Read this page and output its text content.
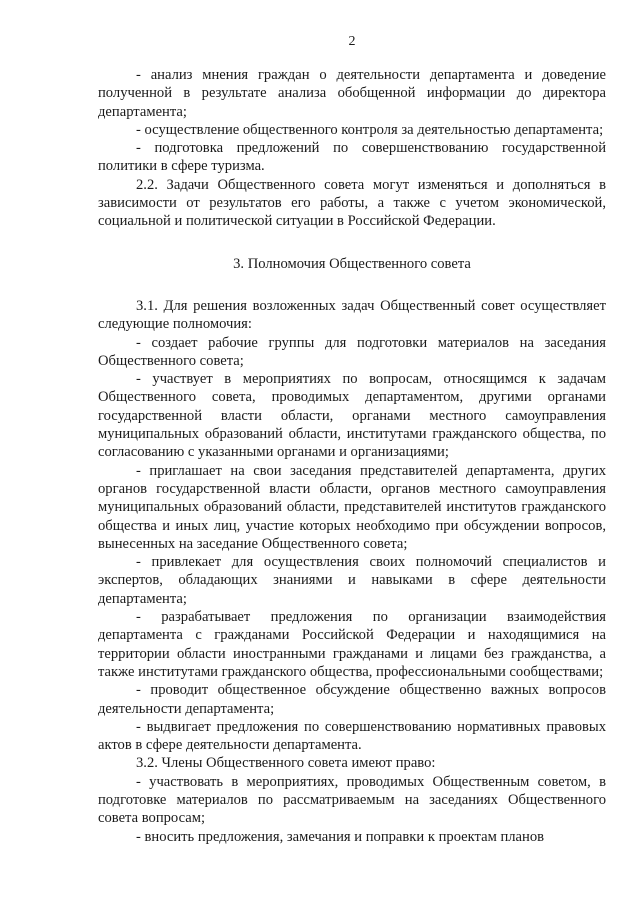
2

- анализ мнения граждан о деятельности департамента и доведение полученной в результате анализа обобщенной информации до директора департамента;

- осуществление общественного контроля за деятельностью департамента;

- подготовка предложений по совершенствованию государственной политики в сфере туризма.

2.2. Задачи Общественного совета могут изменяться и дополняться в зависимости от результатов его работы, а также с учетом экономической, социальной и политической ситуации в Российской Федерации.

3. Полномочия Общественного совета

3.1. Для решения возложенных задач Общественный совет осуществляет следующие полномочия:

- создает рабочие группы для подготовки материалов на заседания Общественного совета;

- участвует в мероприятиях по вопросам, относящимся к задачам Общественного совета, проводимых департаментом, другими органами государственной власти области, органами местного самоуправления муниципальных образований области, институтами гражданского общества, по согласованию с указанными органами и организациями;

- приглашает на свои заседания представителей департамента, других органов государственной власти области, органов местного самоуправления муниципальных образований области, представителей институтов гражданского общества и иных лиц, участие которых необходимо при обсуждении вопросов, вынесенных на заседание Общественного совета;

- привлекает для осуществления своих полномочий специалистов и экспертов, обладающих знаниями и навыками в сфере деятельности департамента;

- разрабатывает предложения по организации взаимодействия департамента с гражданами Российской Федерации и находящимися на территории области иностранными гражданами и лицами без гражданства, а также институтами гражданского общества, профессиональными сообществами;

- проводит общественное обсуждение общественно важных вопросов деятельности департамента;

- выдвигает предложения по совершенствованию нормативных правовых актов в сфере деятельности департамента.

3.2. Члены Общественного совета имеют право:

- участвовать в мероприятиях, проводимых Общественным советом, в подготовке материалов по рассматриваемым на заседаниях Общественного совета вопросам;

- вносить предложения, замечания и поправки к проектам планов
